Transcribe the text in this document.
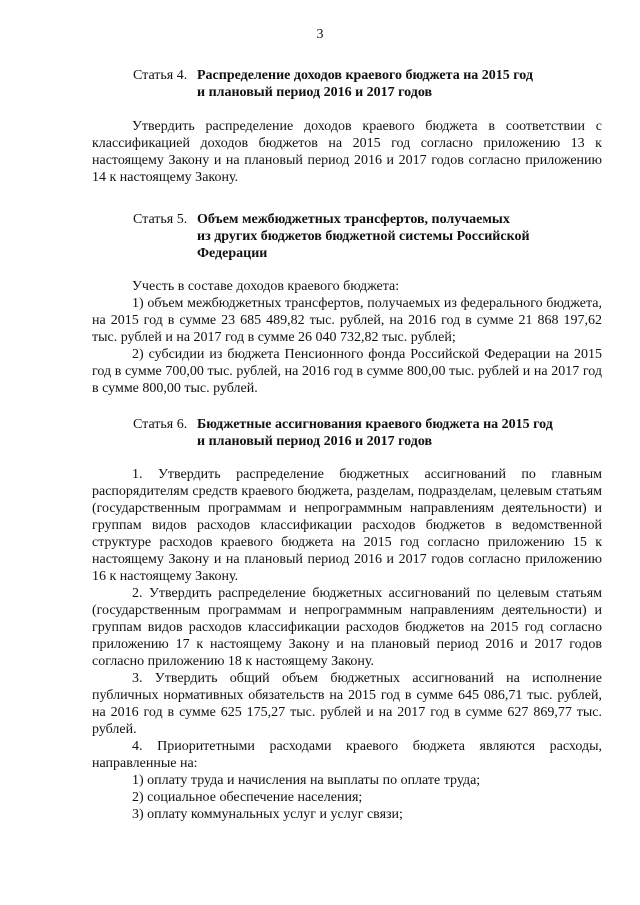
3
Статья 4. Распределение доходов краевого бюджета на 2015 год
и плановый период 2016 и 2017 годов
Утвердить распределение доходов краевого бюджета в соответствии с классификацией доходов бюджетов на 2015 год согласно приложению 13 к настоящему Закону и на плановый период 2016 и 2017 годов согласно приложению 14 к настоящему Закону.
Статья 5. Объем межбюджетных трансфертов, получаемых
из других бюджетов бюджетной системы Российской
Федерации

Учесть в составе доходов краевого бюджета:

1) объем межбюджетных трансфертов, получаемых из федерального бюджета, на 2015 год в сумме 23 685 489,82 тыс. рублей, на 2016 год в сумме 21 868 197,62 тыс. рублей и на 2017 год в сумме 26 040 732,82 тыс. рублей;

2) субсидии из бюджета Пенсионного фонда Российской Федерации на 2015 год в сумме 700,00 тыс. рублей, на 2016 год в сумме 800,00 тыс. рублей и на 2017 год в сумме 800,00 тыс. рублей.

Статья 6. Бюджетные ассигнования краевого бюджета на 2015 год
и плановый период 2016 и 2017 годов

1. Утвердить распределение бюджетных ассигнований по главным распорядителям средств краевого бюджета, разделам, подразделам, целевым статьям (государственным программам и непрограммным направлениям деятельности) и группам видов расходов классификации расходов бюджетов в ведомственной структуре расходов краевого бюджета на 2015 год согласно приложению 15 к настоящему Закону и на плановый период 2016 и 2017 годов согласно приложению 16 к настоящему Закону.

2. Утвердить распределение бюджетных ассигнований по целевым статьям (государственным программам и непрограммным направлениям деятельности) и группам видов расходов классификации расходов бюджетов на 2015 год согласно приложению 17 к настоящему Закону и на плановый период 2016 и 2017 годов согласно приложению 18 к настоящему Закону.

3. Утвердить общий объем бюджетных ассигнований на исполнение публичных нормативных обязательств на 2015 год в сумме 645 086,71 тыс. рублей, на 2016 год в сумме 625 175,27 тыс. рублей и на 2017 год в сумме 627 869,77 тыс. рублей.

4. Приоритетными расходами краевого бюджета являются расходы, направленные на:

1) оплату труда и начисления на выплаты по оплате труда;

2) социальное обеспечение населения;

3) оплату коммунальных услуг и услуг связи;
